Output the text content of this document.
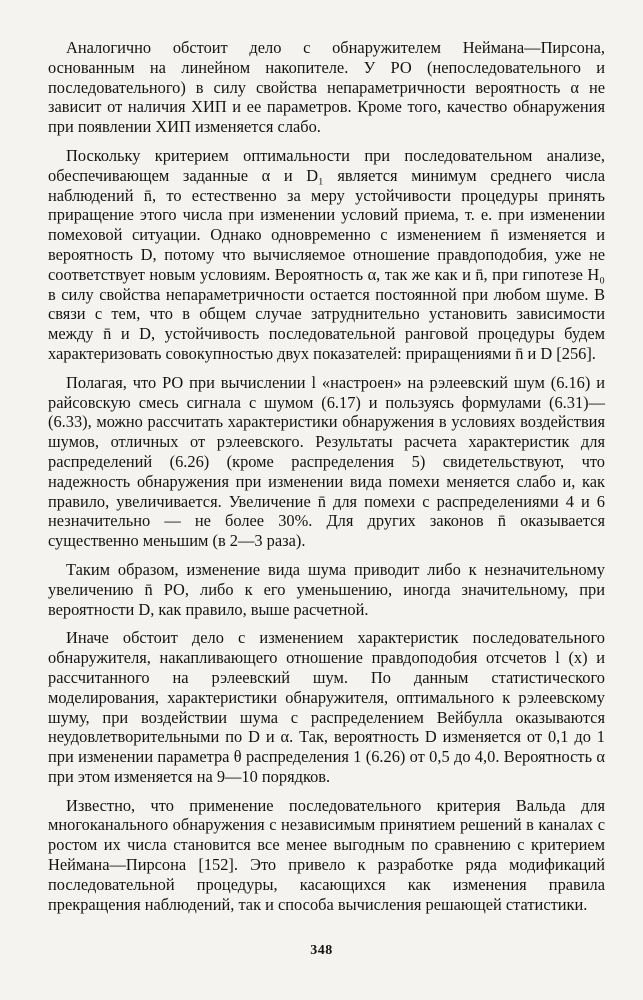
Аналогично обстоит дело с обнаружителем Неймана—Пирсона, основанным на линейном накопителе. У РО (непоследовательного и последовательного) в силу свойства непараметричности вероятность α не зависит от наличия ХИП и ее параметров. Кроме того, качество обнаружения при появлении ХИП изменяется слабо.

Поскольку критерием оптимальности при последовательном анализе, обеспечивающем заданные α и D₁ является минимум среднего числа наблюдений n̄, то естественно за меру устойчивости процедуры принять приращение этого числа при изменении условий приема, т. е. при изменении помеховой ситуации. Однако одновременно с изменением n̄ изменяется и вероятность D, потому что вычисляемое отношение правдоподобия, уже не соответствует новым условиям. Вероятность α, так же как и n̄, при гипотезе H₀ в силу свойства непараметричности остается постоянной при любом шуме. В связи с тем, что в общем случае затруднительно установить зависимости между n̄ и D, устойчивость последовательной ранговой процедуры будем характеризовать совокупностью двух показателей: приращениями n̄ и D [256].

Полагая, что РО при вычислении l «настроен» на рэлеевский шум (6.16) и райсовскую смесь сигнала с шумом (6.17) и пользуясь формулами (6.31)—(6.33), можно рассчитать характеристики обнаружения в условиях воздействия шумов, отличных от рэлеевского. Результаты расчета характеристик для распределений (6.26) (кроме распределения 5) свидетельствуют, что надежность обнаружения при изменении вида помехи меняется слабо и, как правило, увеличивается. Увеличение n̄ для помехи с распределениями 4 и 6 незначительно — не более 30%. Для других законов n̄ оказывается существенно меньшим (в 2—3 раза).

Таким образом, изменение вида шума приводит либо к незначительному увеличению n̄ РО, либо к его уменьшению, иногда значительному, при вероятности D, как правило, выше расчетной.

Иначе обстоит дело с изменением характеристик последовательного обнаружителя, накапливающего отношение правдоподобия отсчетов l (x) и рассчитанного на рэлеевский шум. По данным статистического моделирования, характеристики обнаружителя, оптимального к рэлеевскому шуму, при воздействии шума с распределением Вейбулла оказываются неудовлетворительными по D и α. Так, вероятность D изменяется от 0,1 до 1 при изменении параметра θ распределения 1 (6.26) от 0,5 до 4,0. Вероятность α при этом изменяется на 9—10 порядков.

Известно, что применение последовательного критерия Вальда для многоканального обнаружения с независимым принятием решений в каналах с ростом их числа становится все менее выгодным по сравнению с критерием Неймана—Пирсона [152]. Это привело к разработке ряда модификаций последовательной процедуры, касающихся как изменения правила прекращения наблюдений, так и способа вычисления решающей статистики.

348
